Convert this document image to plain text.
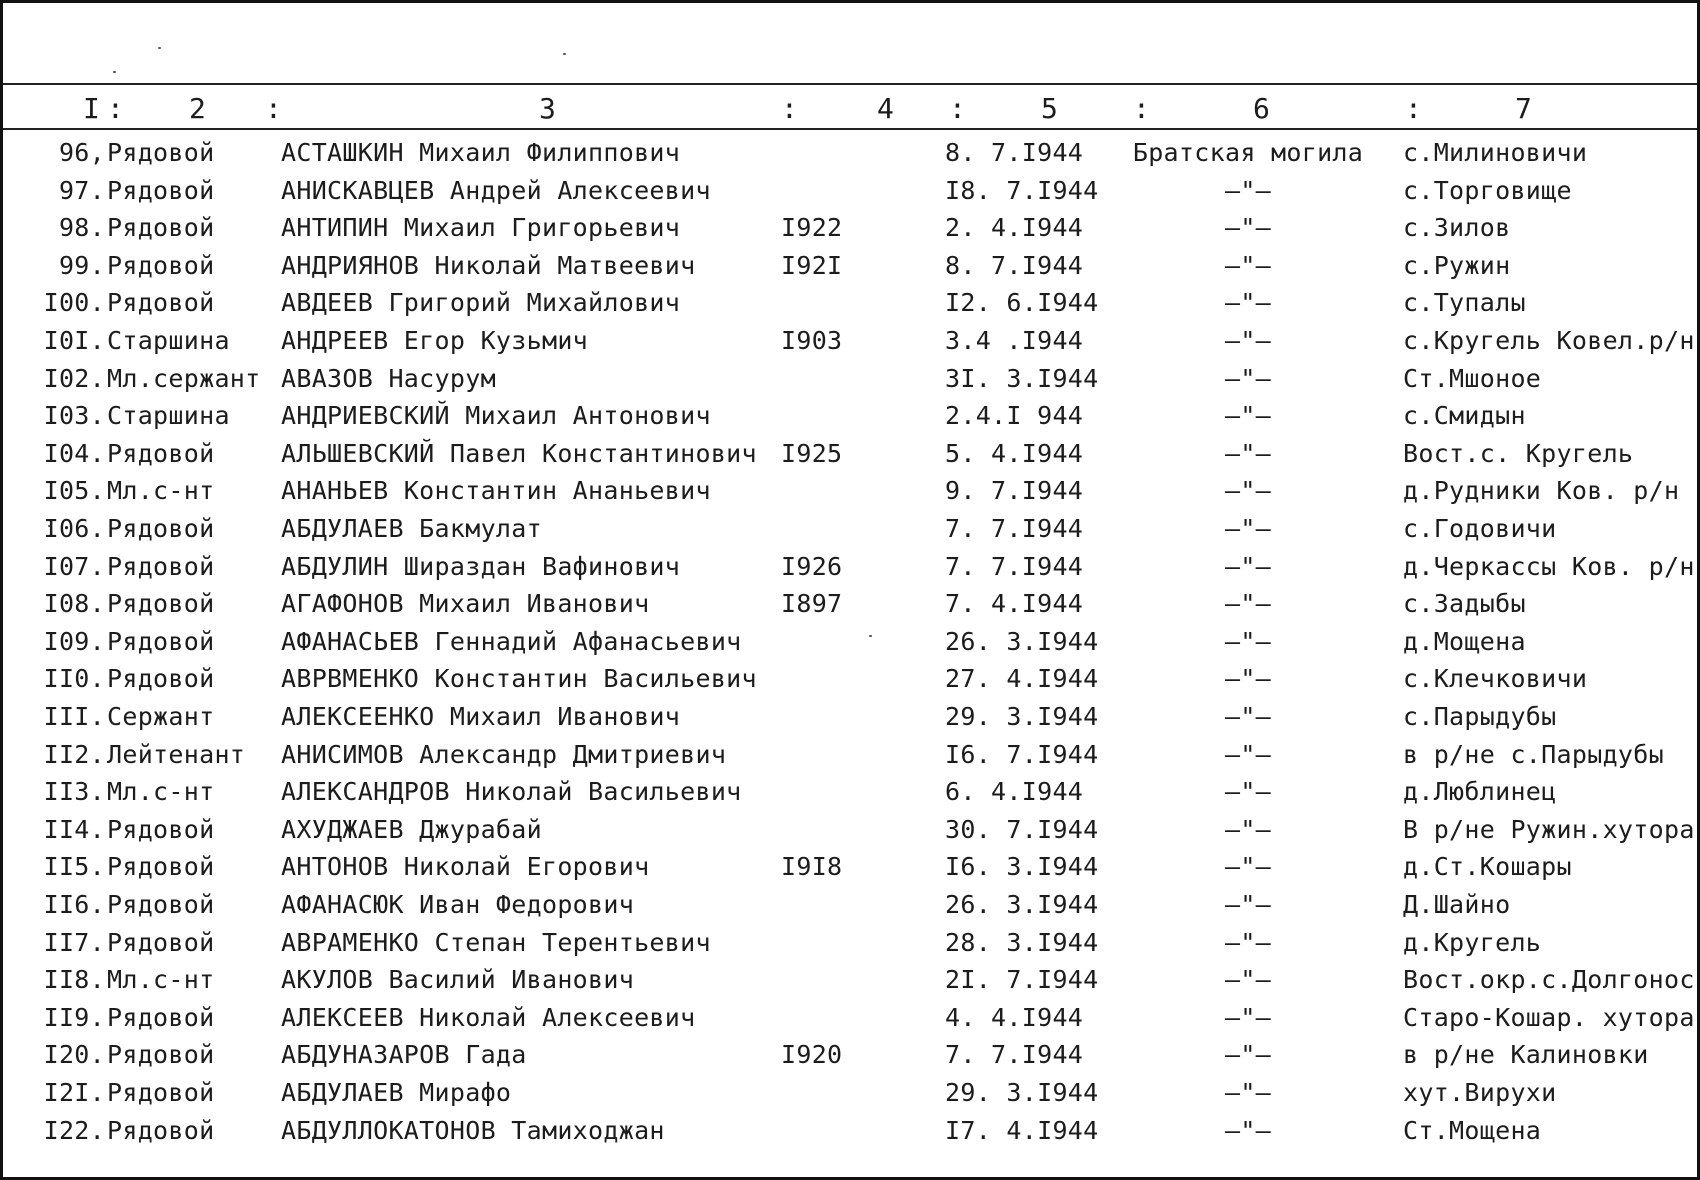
I : 2 :	3	:	4 :	5	:	6	:	7
96, Рядовой	АСТАШКИН Михаил Филиппович	8. 7.I944	Братская могила	с.Милиновичи
97. Рядовой	АНИСКАВЦЕВ Андрей Алексеевич	I8. 7.I944	–"–	с.Торговище
98. Рядовой	АНТИПИН Михаил Григорьевич	I922	2. 4.I944	–"–	с.Зилов
99. Рядовой	АНДРИЯНОВ Николай Матвеевич	I92I	8. 7.I944	–"–	с.Ружин
I00. Рядовой	АВДЕЕВ Григорий Михайлович	I2. 6.I944	–"–	с.Тупалы
I0I. Старшина АНДРЕЕВ Егор Кузьмич	I903	3.4 .I944	–"–	с.Кругель Ковел.р/н
I02. Мл.сержант АВАЗОВ Насурум	3I. 3.I944	–"–	Ст.Мшоное
I03. Старшина АНДРИЕВСКИЙ Михаил Антонович	2.4.I 944	–"–	с.Смидын
I04. Рядовой	АЛЬШЕВСКИЙ Павел Константинович I925	5. 4.I944	–"–	Вост.с. Кругель
I05. Мл.с-нт	АНАНЬЕВ Константин Ананьевич	9. 7.I944	–"–	д.Рудники Ков. р/н
I06. Рядовой	АБДУЛАЕВ Бакмулат	7. 7.I944	–"–	с.Годовичи
I07. Рядовой	АБДУЛИН Шираздан Вафинович	I926	7. 7.I944	–"–	д.Черкассы Ков. р/н
I08. Рядовой	АГАФОНОВ Михаил Иванович	I897	7. 4.I944	–"–	с.Задыбы
I09. Рядовой	АФАНАСЬЕВ Геннадий Афанасьевич	26. 3.I944	–"–	д.Мощена
II0. Рядовой	АВРВМЕНКО Константин Васильевич	27. 4.I944	–"–	с.Клечковичи
III. Сержант	АЛЕКСЕЕНКО Михаил Иванович	29. 3.I944	–"–	с.Парыдубы
II2. Лейтенант АНИСИМОВ Александр Дмитриевич	I6. 7.I944	–"–	в р/не с.Парыдубы
II3. Мл.с-нт	АЛЕКСАНДРОВ Николай Васильевич	6. 4.I944	–"–	д.Люблинец
II4. Рядовой	АХУДЖАЕВ Джурабай	30. 7.I944	–"–	В р/не Ружин.хутора
II5. Рядовой	АНТОНОВ Николай Егорович	I9I8	I6. 3.I944	–"–	д.Ст.Кошары
II6. Рядовой	АФАНАСЮК Иван Федорович	26. 3.I944	–"–	Д.Шайно
II7. Рядовой	АВРАМЕНКО Степан Терентьевич	28. 3.I944	–"–	д.Кругель
II8. Мл.с-нт	АКУЛОВ Василий Иванович	2I. 7.I944	–"–	Вост.окр.с.Долгонос
II9. Рядовой	АЛЕКСЕЕВ Николай Алексеевич	4. 4.I944	–"–	Старо-Кошар. хутора
I20. Рядовой	АБДУНАЗАРОВ Гада	I920	7. 7.I944	–"–	в р/не Калиновки
I2I. Рядовой	АБДУЛАЕВ Мирафо	29. 3.I944	–"–	хут.Вирухи
I22. Рядовой	АБДУЛЛОКАТОНОВ Тамиходжан	I7. 4.I944	–"–	Ст.Мощена
